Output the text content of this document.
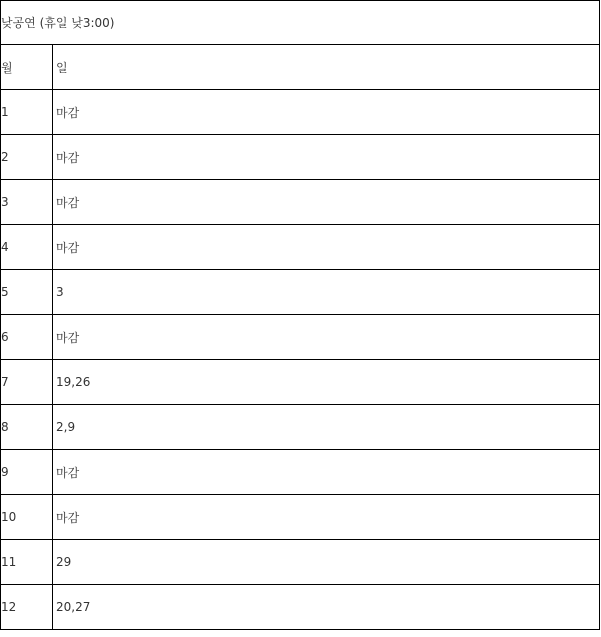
낮공연 (휴일 낮3:00)	
월	일
1	마감
2	마감
3	마감
4	마감
5	3
6	마감
7	19,26
8	2,9
9	마감
10	마감
11	29
12	20,27
